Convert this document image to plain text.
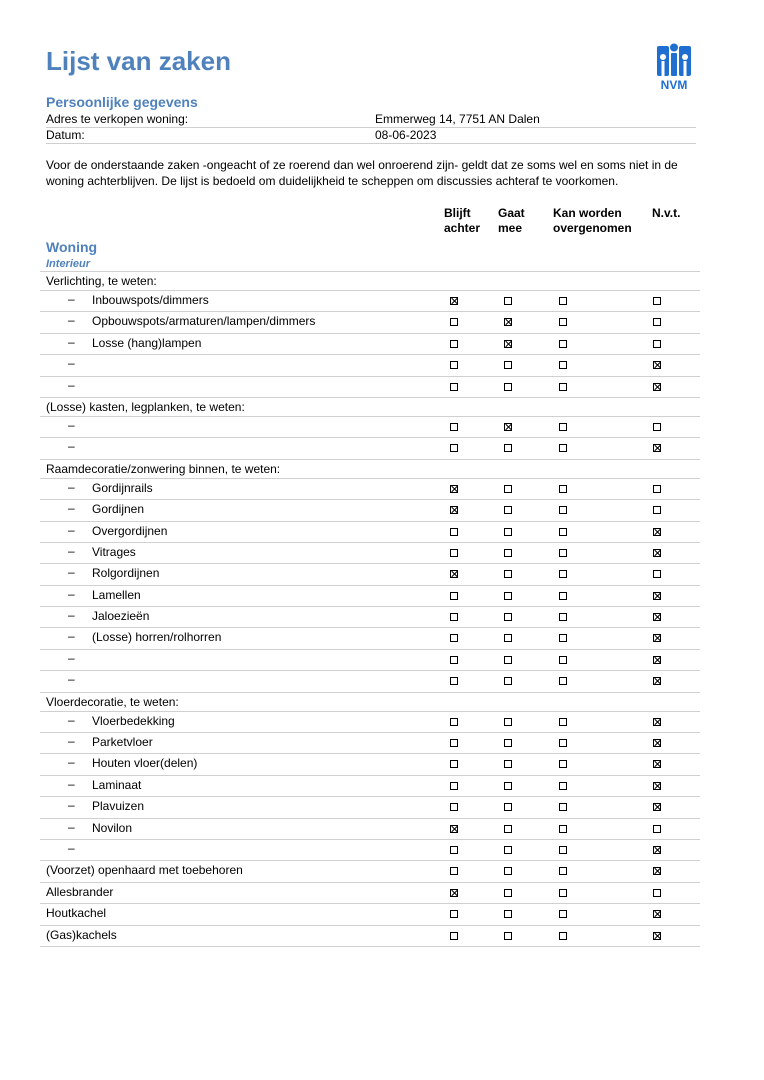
Lijst van zaken
NVM
Persoonlijke gegevens
Adres te verkopen woning:	Emmerweg 14, 7751 AN Dalen
Datum:	08-06-2023

Voor de onderstaande zaken -ongeacht of ze roerend dan wel onroerend zijn- geldt dat ze soms wel en soms niet in de woning achterblijven. De lijst is bedoeld om duidelijkheid te scheppen om discussies achteraf te voorkomen.

Blijft
achter
Gaat
mee
Kan worden
overgenomen
N.v.t.
Woning
Interieur
Verlichting, te weten:
– Inbouwspots/dimmers
– Opbouwspots/armaturen/lampen/dimmers
– Losse (hang)lampen
–
–
(Losse) kasten, legplanken, te weten:
–
–
Raamdecoratie/zonwering binnen, te weten:
– Gordijnrails
– Gordijnen
– Overgordijnen
– Vitrages
– Rolgordijnen
– Lamellen
– Jaloezieën
– (Losse) horren/rolhorren
–
–
Vloerdecoratie, te weten:
– Vloerbedekking
– Parketvloer
– Houten vloer(delen)
– Laminaat
– Plavuizen
– Novilon
–
(Voorzet) openhaard met toebehoren
Allesbrander
Houtkachel
(Gas)kachels
